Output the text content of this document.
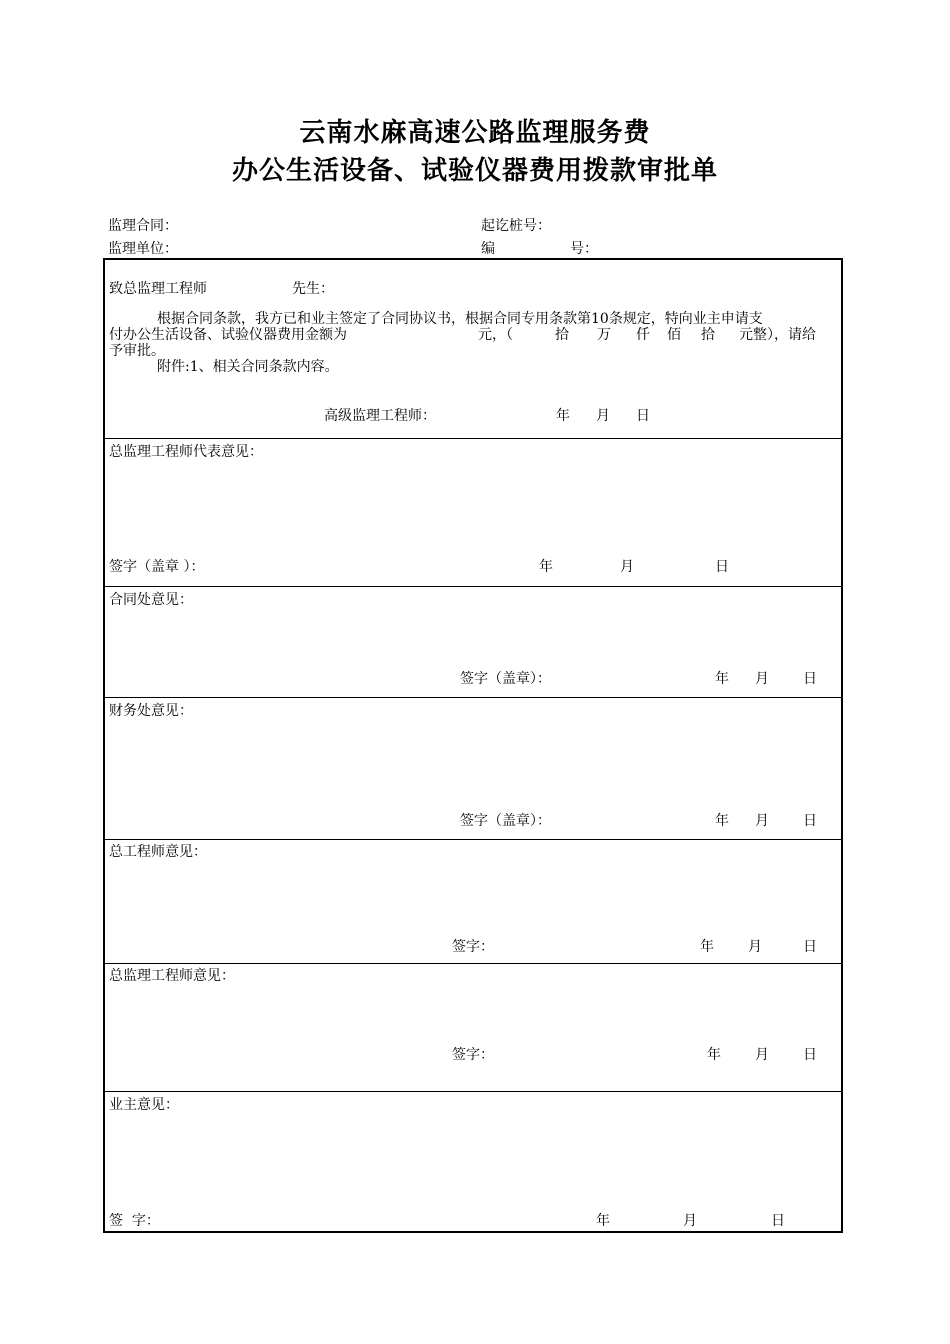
云南水麻高速公路监理服务费
办公生活设备、试验仪器费用拨款审批单
监理合同：	起讫桩号：
监理单位：	编	号：
致总监理工程师	先生：
根据合同条款，我方已和业主签定了合同协议书，根据合同专用条款第10条规定，特向业主申请支
付办公生活设备、试验仪器费用金额为	元，（	拾 万 仟 佰 拾 元整），请给
予审批。
附件:1、相关合同条款内容。
高级监理工程师：	年 月 日
总监理工程师代表意见：
签字（盖章 ）：	年	月	日
合同处意见：
签字（盖章）：	年 月 日
财务处意见：
签字（盖章）：	年 月 日
总工程师意见：
签字：	年 月	日
总监理工程师意见：
签字：	年 月 日
业主意见：
签  字：	年	月	日
